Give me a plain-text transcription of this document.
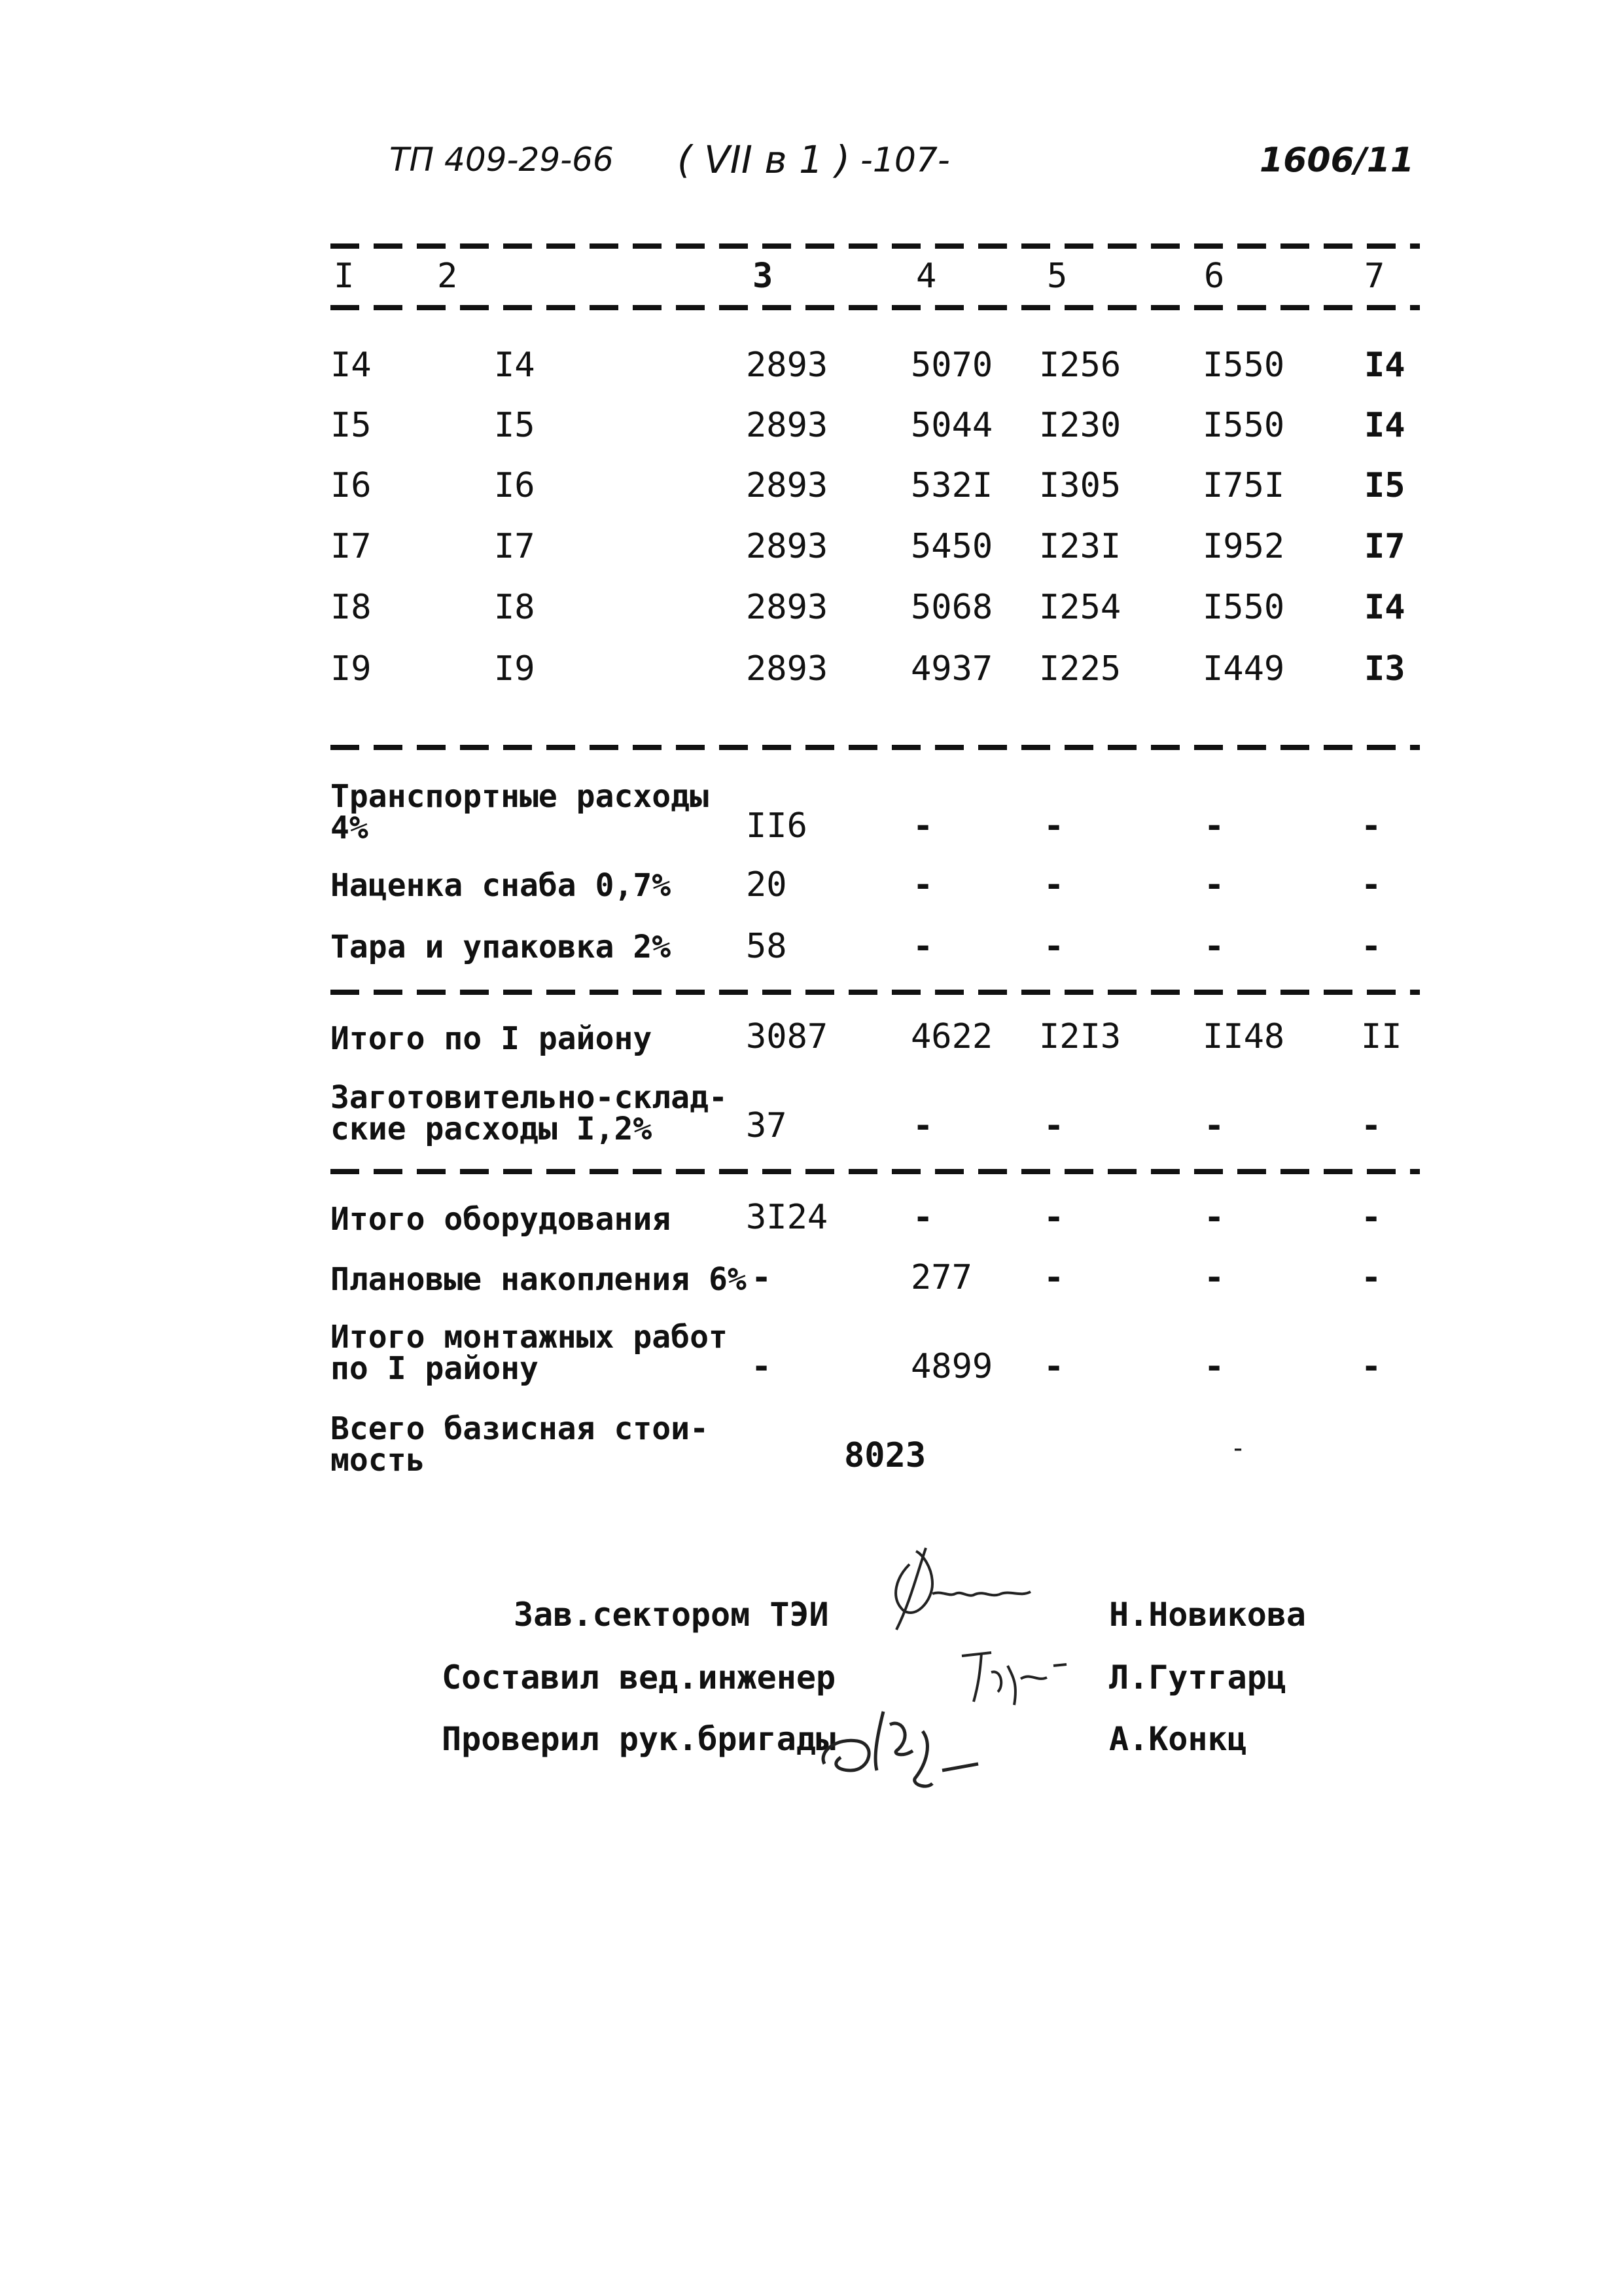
ТП 409-29-66 ( VII в 1 ) -107-	1606/11
I 2	3	4	5	6	7
I4	I4	2893 5070 I256 I550 I4
I5	I5	2893 5044 I230 I550 I4
I6	I6	2893 532I I305 I75I I5
I7	I7	2893 5450 I23I I952 I7
I8	I8	2893 5068 I254 I550 I4
I9	I9	2893 4937 I225 I449 I3
Транспортные расходы
4%	II6	-	-	-	-
Наценка снаба 0,7% 20	-	-	-	-
Тара и упаковка 2% 58	-	-	-	-
Итого по I району	3087 4622 I2I3 II48 II
Заготовительно-склад-
ские расходы I,2%	37	-	-	-	-
Итого оборудования 3I24 -	-	-	-
Плановые накопления 6% -	277 -	-	-
Итого монтажных работ
по I району	-	4899 -	-	-
Всего базисная стои-
мость	8023	-
Зав.сектором ТЭИ	Н.Новикова
Составил вед.инженер	Л.Гутгарц
Проверил рук.бригады	А.Конкц
